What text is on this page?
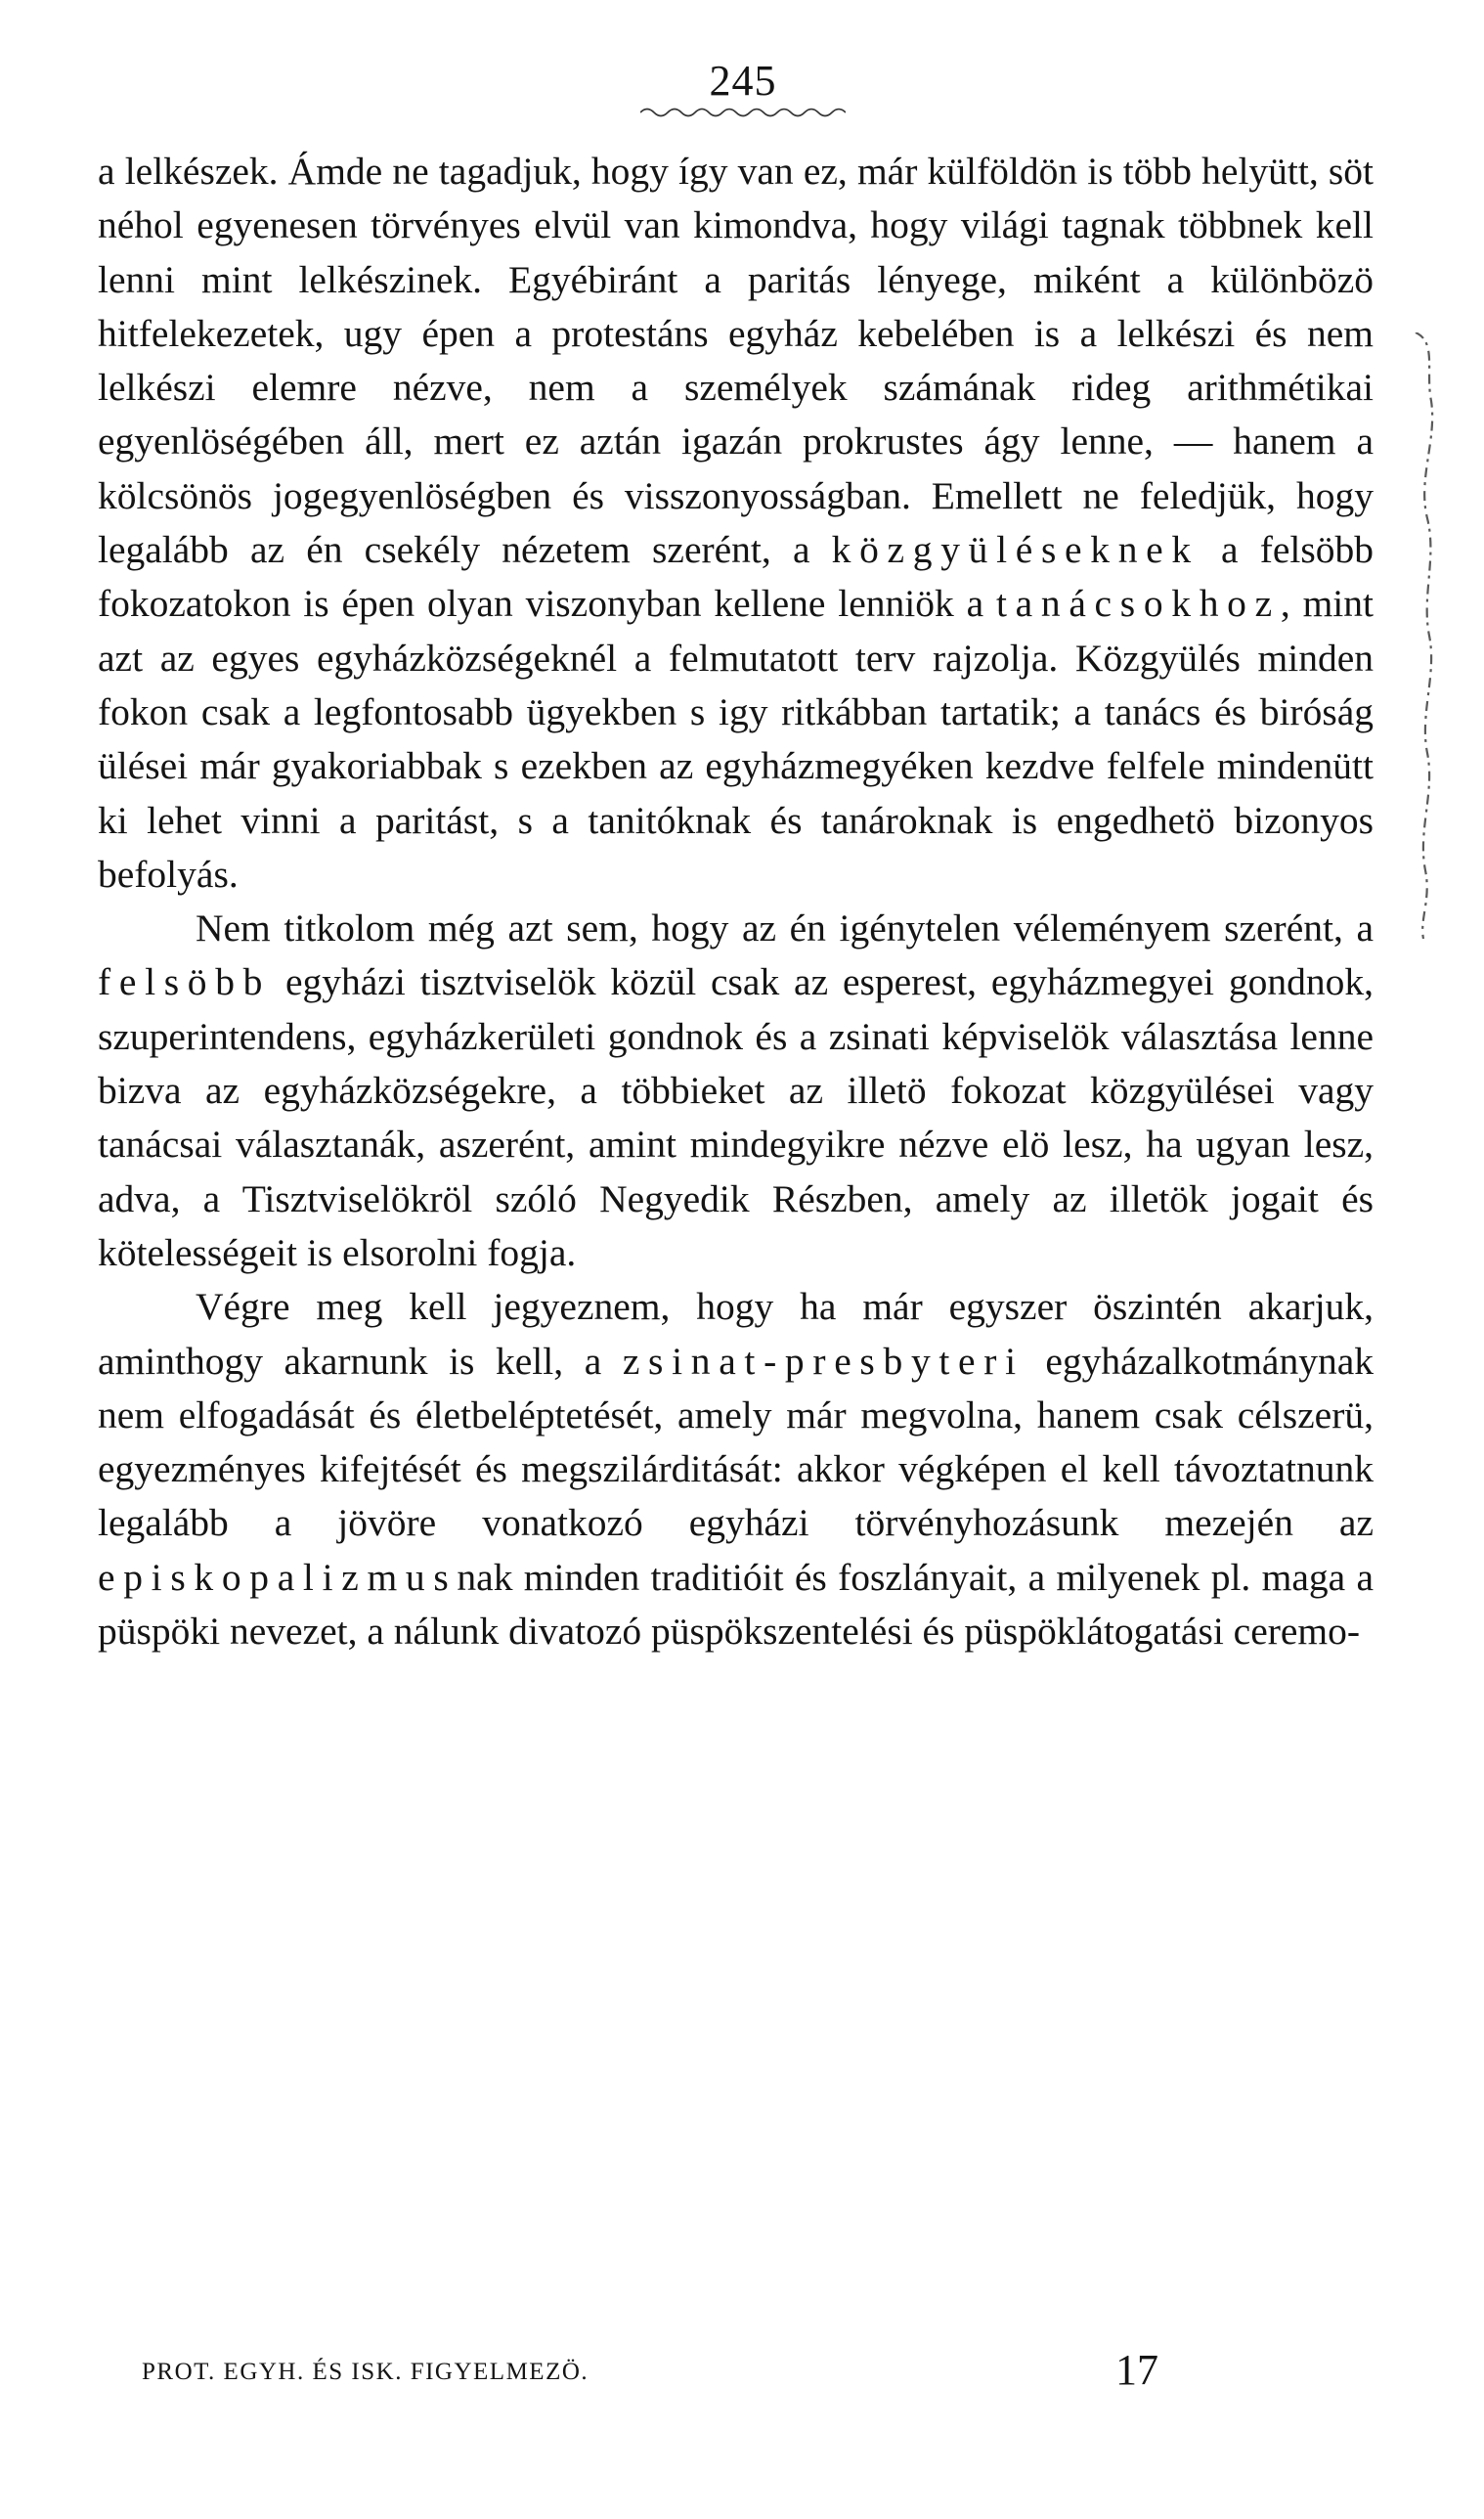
245

a lelkészek. Ámde ne tagadjuk, hogy így van ez, már külföldön is több helyütt, söt néhol egyenesen törvényes elvül van kimondva, hogy világi tagnak többnek kell lenni mint lelkészinek. Egyébiránt a paritás lényege, miként a különbözö hitfelekezetek, ugy épen a protestáns egyház kebelében is a lelkészi és nem lelkészi elemre nézve, nem a személyek számának rideg arithmétikai egyenlöségében áll, mert ez aztán igazán prokrustes ágy lenne, — hanem a kölcsönös jogegyenlöségben és visszonyosságban. Emellett ne feledjük, hogy legalább az én csekély nézetem szerént, a közgyüléseknek a felsöbb fokozatokon is épen olyan viszonyban kellene lenniök a tanácsokhoz, mint azt az egyes egyházközségeknél a felmutatott terv rajzolja. Közgyülés minden fokon csak a legfontosabb ügyekben s igy ritkábban tartatik; a tanács és biróság ülései már gyakoriabbak s ezekben az egyházmegyéken kezdve felfele mindenütt ki lehet vinni a paritást, s a tanitóknak és tanároknak is engedhetö bizonyos befolyás.

Nem titkolom még azt sem, hogy az én igénytelen véleményem szerént, a felsöbb egyházi tisztviselök közül csak az esperest, egyházmegyei gondnok, szuperintendens, egyházkerületi gondnok és a zsinati képviselök választása lenne bizva az egyházközségekre, a többieket az illetö fokozat közgyülései vagy tanácsai választanák, aszerént, amint mindegyikre nézve elö lesz, ha ugyan lesz, adva, a Tisztviselökröl szóló Negyedik Részben, amely az illetök jogait és kötelességeit is elsorolni fogja.

Végre meg kell jegyeznem, hogy ha már egyszer öszintén akarjuk, aminthogy akarnunk is kell, a zsinat-presbyteri egyházalkotmánynak nem elfogadását és életbeléptetését, amely már megvolna, hanem csak célszerü, egyezményes kifejtését és megszilárditását: akkor végképen el kell távoztatnunk legalább a jövöre vonatkozó egyházi törvényhozásunk mezején az episkopalizmusnak minden traditióit és foszlányait, a milyenek pl. maga a püspöki nevezet, a nálunk divatozó püspökszentelési és püspöklátogatási ceremo-

PROT. EGYH. ÉS ISK. FIGYELMEZÖ.	17
